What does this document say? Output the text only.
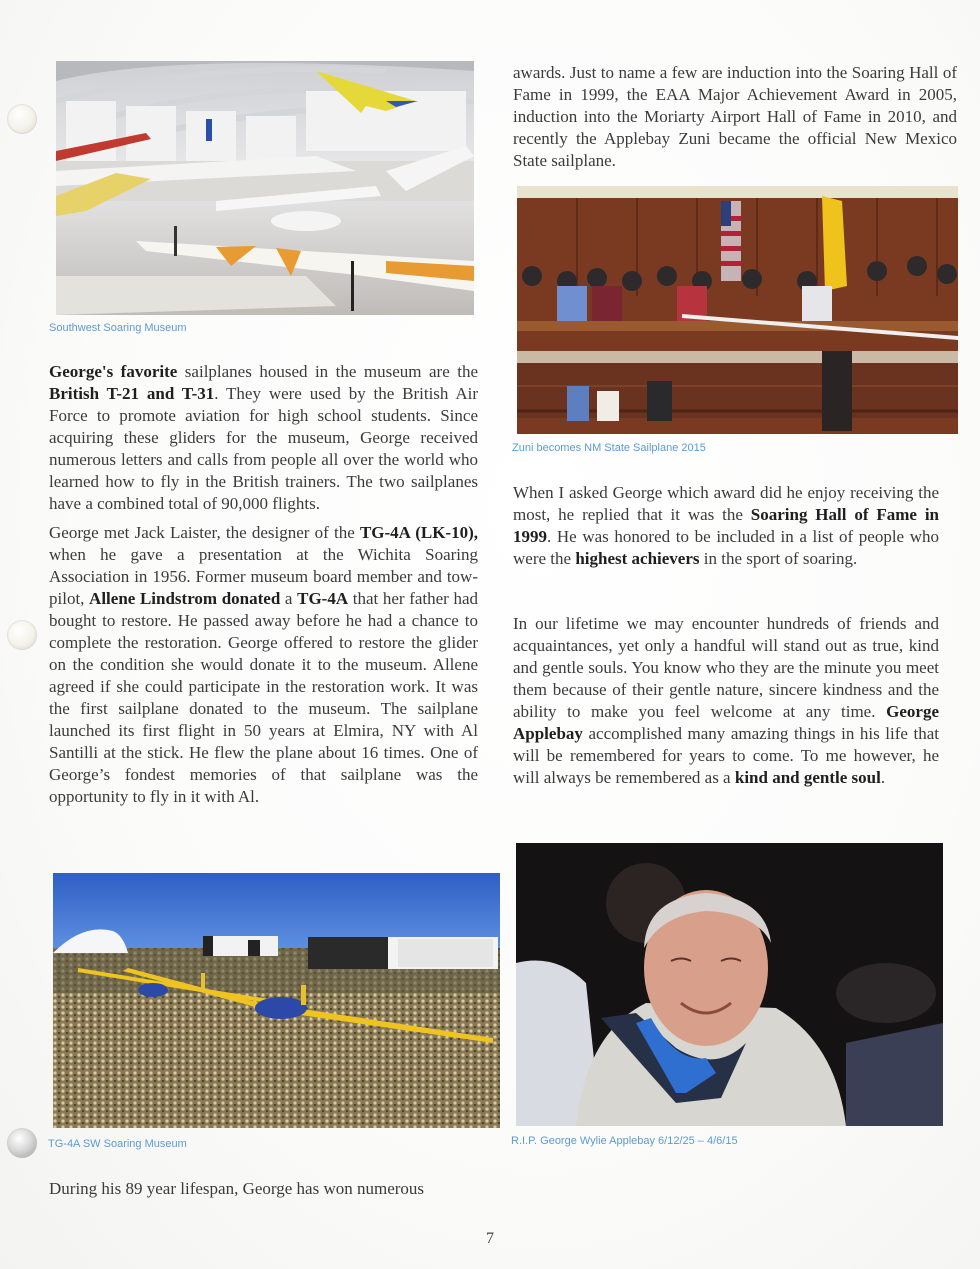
Southwest Soaring Museum

George's favorite sailplanes housed in the museum are the British T-21 and T-31. They were used by the British Air Force to promote aviation for high school students. Since acquiring these gliders for the museum, George received numerous letters and calls from people all over the world who learned how to fly in the British trainers. The two sailplanes have a combined total of 90,000 flights.

George met Jack Laister, the designer of the TG-4A (LK-10), when he gave a presentation at the Wichita Soaring Association in 1956. Former museum board member and tow-pilot, Allene Lindstrom donated a TG-4A that her father had bought to restore. He passed away before he had a chance to complete the restoration. George offered to restore the glider on the condition she would donate it to the museum. Allene agreed if she could participate in the restoration work. It was the first sailplane donated to the museum. The sailplane launched its first flight in 50 years at Elmira, NY with Al Santilli at the stick. He flew the plane about 16 times. One of George’s fondest memories of that sailplane was the opportunity to fly in it with Al.

TG-4A SW Soaring Museum
During his 89 year lifespan, George has won numerous
awards. Just to name a few are induction into the Soaring Hall of Fame in 1999, the EAA Major Achievement Award in 2005, induction into the Moriarty Airport Hall of Fame in 2010, and recently the Applebay Zuni became the official New Mexico State sailplane.
Zuni becomes NM State Sailplane 2015

When I asked George which award did he enjoy receiving the most, he replied that it was the Soaring Hall of Fame in 1999. He was honored to be included in a list of people who were the highest achievers in the sport of soaring.

In our lifetime we may encounter hundreds of friends and acquaintances, yet only a handful will stand out as true, kind and gentle souls. You know who they are the minute you meet them because of their gentle nature, sincere kindness and the ability to make you feel welcome at any time. George Applebay accomplished many amazing things in his life that will be remembered for years to come. To me however, he will always be remembered as a kind and gentle soul.

R.I.P. George Wylie Applebay 6/12/25 – 4/6/15
7
